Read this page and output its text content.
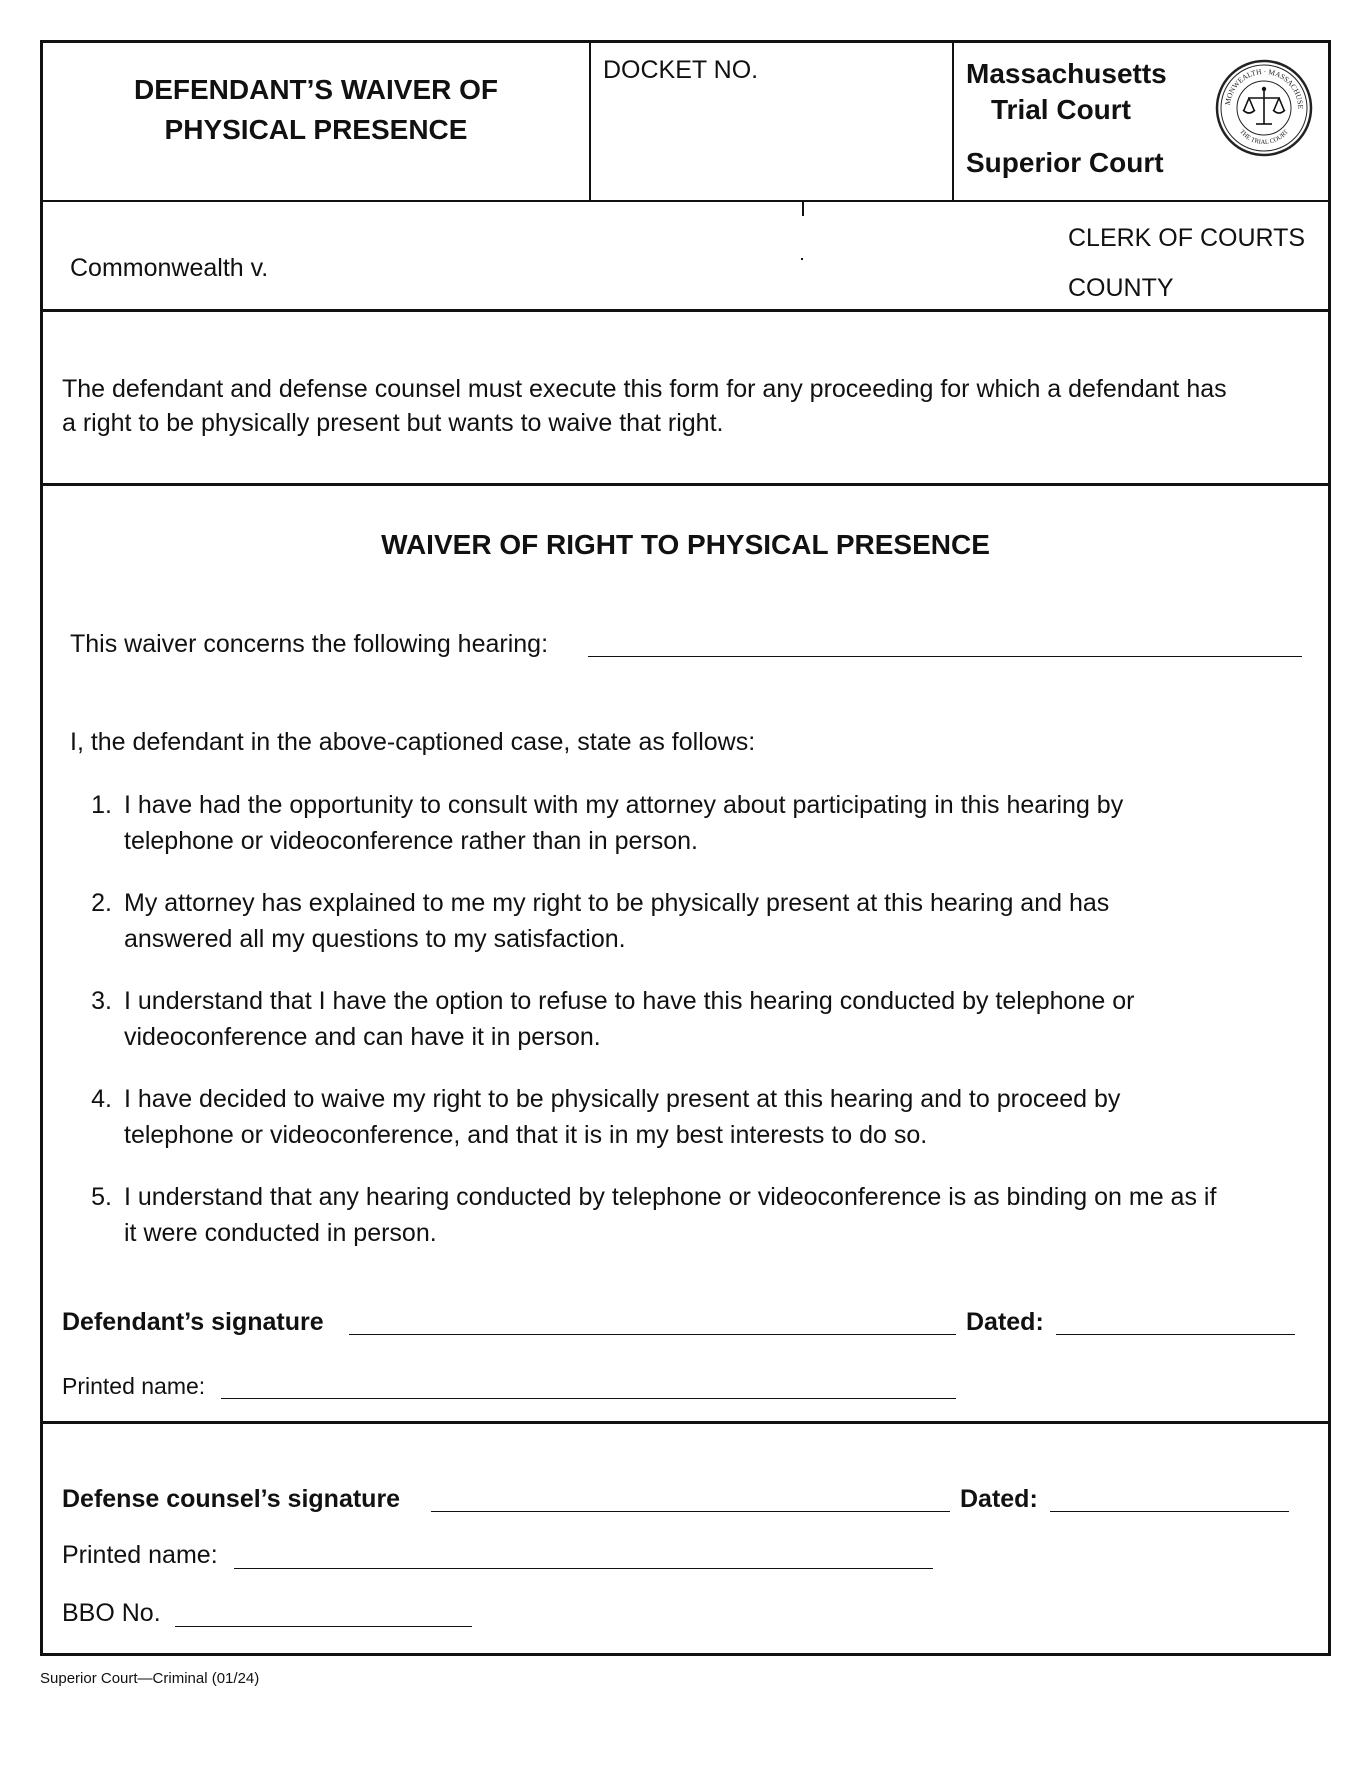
DEFENDANT’S WAIVER OF
PHYSICAL PRESENCE
DOCKET NO.	Massachusetts
Trial Court
Superior Court
MONWEALTH · MASSACHUSE
THE TRIAL COURT
Commonwealth v.
CLERK OF COURTS
COUNTY
The defendant and defense counsel must execute this form for any proceeding for which a defendant has
a right to be physically present but wants to waive that right.
WAIVER OF RIGHT TO PHYSICAL PRESENCE
This waiver concerns the following hearing:
I, the defendant in the above-captioned case, state as follows:
1. I have had the opportunity to consult with my attorney about participating in this hearing by
telephone or videoconference rather than in person.
2. My attorney has explained to me my right to be physically present at this hearing and has
answered all my questions to my satisfaction.
3. I understand that I have the option to refuse to have this hearing conducted by telephone or
videoconference and can have it in person.
4. I have decided to waive my right to be physically present at this hearing and to proceed by
telephone or videoconference, and that it is in my best interests to do so.
5. I understand that any hearing conducted by telephone or videoconference is as binding on me as if
it were conducted in person.
Defendant’s signature	Dated:
Printed name:
Defense counsel’s signature	Dated:
Printed name:
BBO No.
Superior Court—Criminal (01/24)
